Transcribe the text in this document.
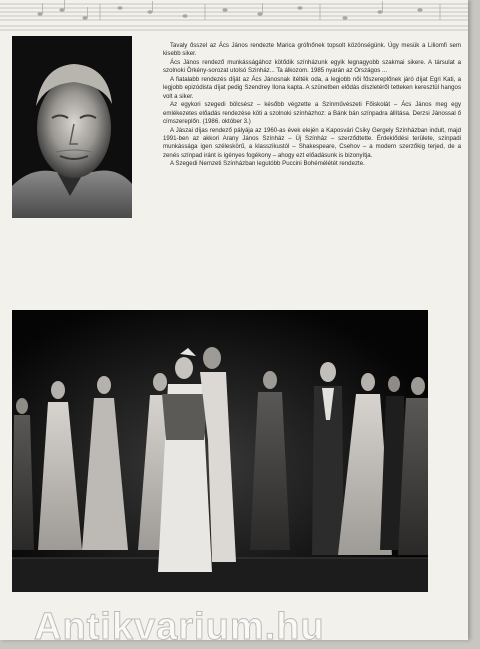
Tavaly ősszel az Ács János rendezte Marica grófnőnek topsolt közönségünk. Úgy mesük a Liliomfi sem kisebb siker.

Ács János rendező munkásságához kötődik színházunk egyik legnagyobb szakmai sikere. A társulat a szolnoki Örkény-sorozat utolsó Szinház... Ta álkozom. 1985 nyarán az Országos ...

A fiatalabb rendezés díját az Ács Jánosnak ítélték oda, a legjobb női főszereplőnek járó díjat Egri Kati, a legjobb epizódista díjat pedig Szendrey Ilona kapta. A szünetben elődás díszletéről tetteken keresztül hangos volt a siker.

Az egykori szegedi bölcsész – később végzette a Színművészeti Főiskolát – Ács János meg egy emlékezetes előadás rendezése köti a szolnoki színházhoz: a Bánk bán színpadra állítása. Derzsi Jánossal ő címszereplőn. (1986. október 3.)

A Jászai díjas rendező pályája az 1960-as évek elején a Kaposvári Csiky Gergely Színházban indult, majd 1991-ben az akkori Arany János Színház – Új Színház – szerződtette. Érdeklődési területe, színpadi munkássága igen széleskörű, a klasszikustól – Shakespeare, Csehov – a modern szerzőkig terjed, de a zenés színpad iránt is igényes fogékony – ahogy ezt előadásunk is bizonyítja.

A Szegedi Nemzeti Színházban legutóbb Puccini Bohémélétét rendezte.

Antikvarium.hu
